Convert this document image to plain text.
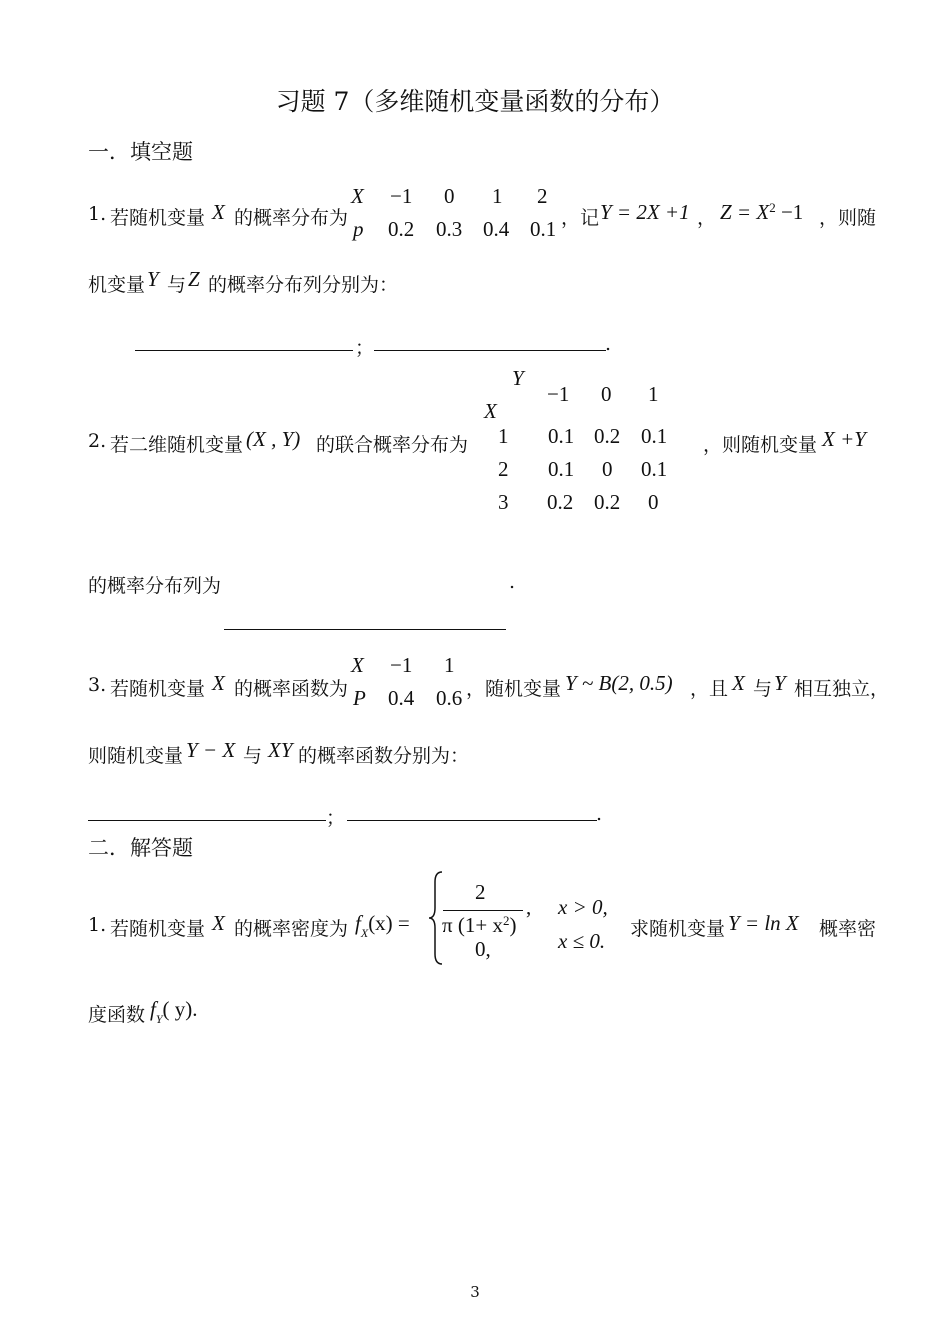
习题 7（多维随机变量函数的分布）
一．填空题
1. 若随机变量 X 的概率分布为
X −1 0 1 2
p 0.2 0.3 0.4 0.1 ，记 Y = 2X +1 ， $Z = X^2 -1$ ，则随
机变量 Y 与 Z 的概率分布列分别为：
；	.
2. 若二维随机变量 (X , Y) 的联合概率分布为
Y
X
−1 0 1
1 0.1 0.2 0.1
2 0.1 0 0.1
3 0.2 0.2 0
，则随机变量 X +Y
的概率分布列为	.
3. 若随机变量 X 的概率函数为
X −1 1
P 0.4 0.6 ，随机变量 Y ~ B(2, 0.5) ，且 X 与 Y 相互独立，
则随机变量 Y − X 与 XY 的概率函数分别为：
；	.
二．解答题
1. 若随机变量 X 的概率密度为 $f_X(x)$ =
2
π $(1+ x^2)$
, x > 0,
0,	x ≤ 0. 求随机变量 Y = ln X 概率密
度函数 $f_Y$( y).
3
